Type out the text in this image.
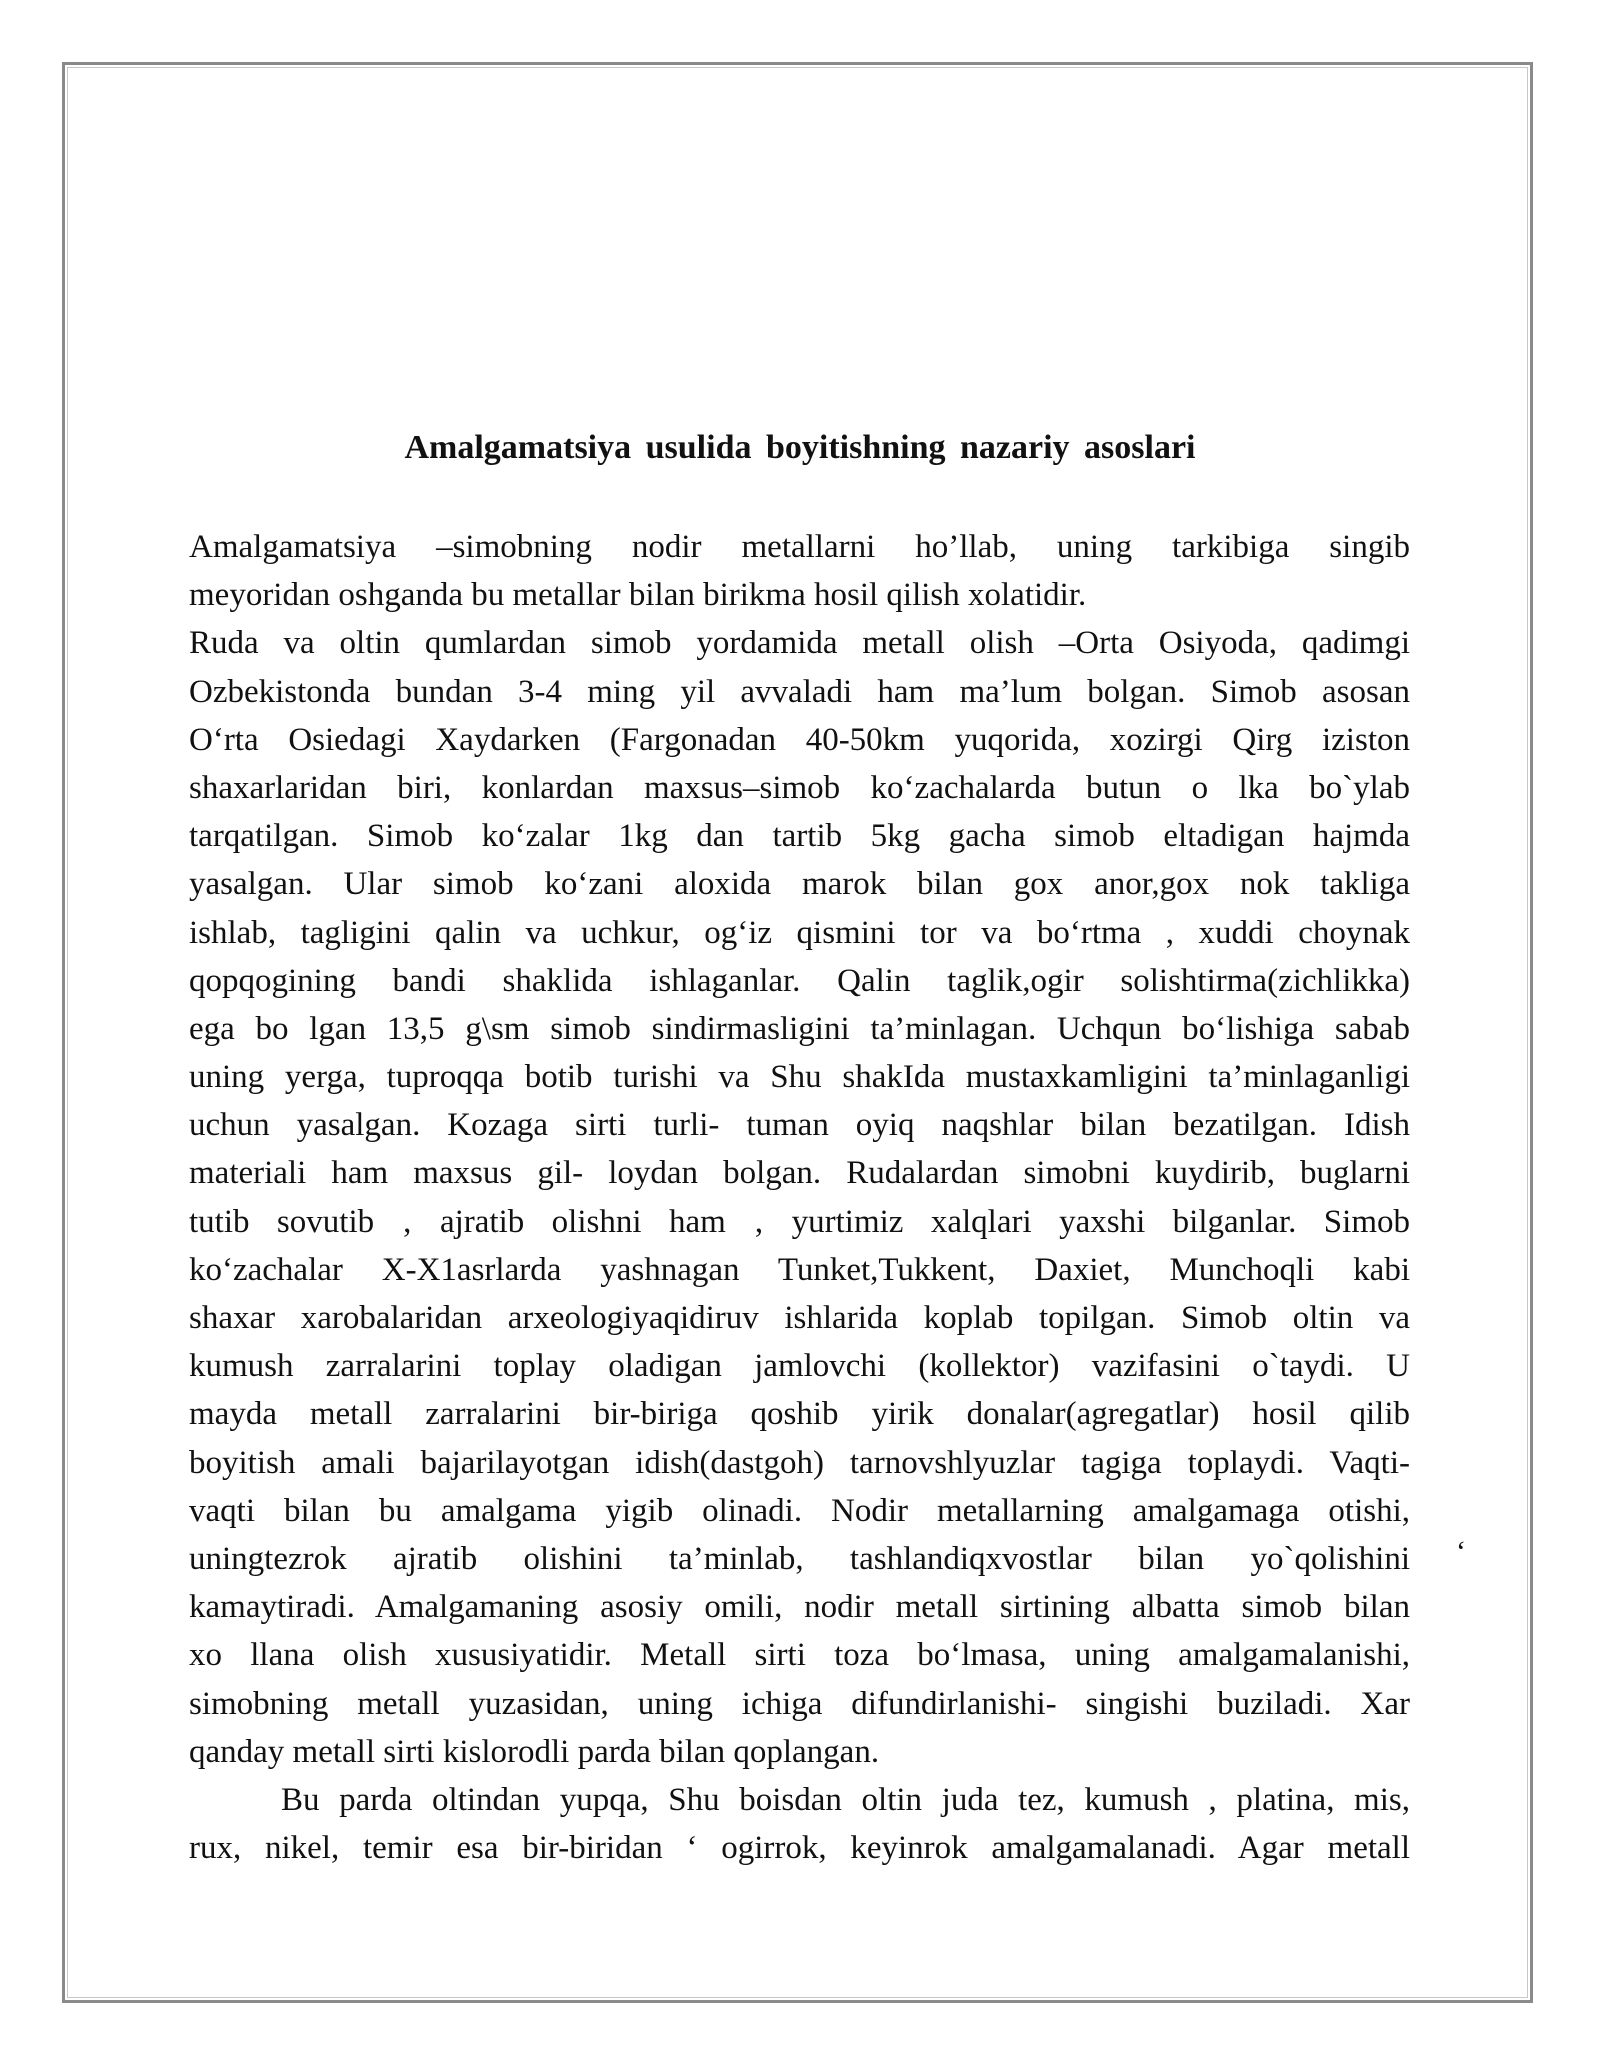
Amalgamatsiya usulida boyitishning nazariy asoslari
Amalgamatsiya –simobning nodir metallarni ho’llab, uning tarkibiga singib
meyoridan oshganda bu metallar bilan birikma hosil qilish xolatidir.
Ruda va oltin qumlardan simob yordamida metall olish –Orta Osiyoda, qadimgi
Ozbekistonda bundan 3-4 ming yil avvaladi ham ma’lum bolgan. Simob asosan
O‘rta Osiedagi Xaydarken (Fargonadan 40-50km yuqorida, xozirgi Qirg iziston
shaxarlaridan biri, konlardan maxsus–simob ko‘zachalarda butun o lka bo`ylab
tarqatilgan. Simob ko‘zalar 1kg dan tartib 5kg gacha simob eltadigan hajmda
yasalgan. Ular simob ko‘zani aloxida marok bilan gox anor,gox nok takliga
ishlab, tagligini qalin va uchkur, og‘iz qismini tor va bo‘rtma , xuddi choynak
qopqogining bandi shaklida ishlaganlar. Qalin taglik,ogir solishtirma(zichlikka)
ega bo lgan 13,5 g\sm simob sindirmasligini ta’minlagan. Uchqun bo‘lishiga sabab
uning yerga, tuproqqa botib turishi va Shu shakIda mustaxkamligini ta’minlaganligi
uchun yasalgan. Kozaga sirti turli- tuman oyiq naqshlar bilan bezatilgan. Idish
materiali ham maxsus gil- loydan bolgan. Rudalardan simobni kuydirib, buglarni
tutib sovutib ‚ ajratib olishni ham ‚ yurtimiz xalqlari yaxshi bilganlar. Simob
ko‘zachalar X-X1asrlarda yashnagan Tunket,Tukkent, Daxiet, Munchoqli kabi
shaxar xarobalaridan arxeologiyaqidiruv ishlarida koplab topilgan. Simob oltin va
kumush zarralarini toplay oladigan jamlovchi (kollektor) vazifasini o`taydi. U
mayda metall zarralarini bir-biriga qoshib yirik donalar(agregatlar) hosil qilib
boyitish amali bajarilayotgan idish(dastgoh) tarnovshlyuzlar tagiga toplaydi. Vaqti-
vaqti bilan bu amalgama yigib olinadi. Nodir metallarning amalgamaga otishi,
uningtezrok ajratib olishini ta’minlab, tashlandiqxvostlar bilan yo`qolishini
kamaytiradi. Amalgamaning asosiy omili, nodir metall sirtining albatta simob bilan
xo llana olish xususiyatidir. Metall sirti toza bo‘lmasa, uning amalgamalanishi,
simobning metall yuzasidan, uning ichiga difundirlanishi- singishi buziladi. Xar
qanday metall sirti kislorodli parda bilan qoplangan.
Bu parda oltindan yupqa, Shu boisdan oltin juda tez, kumush , platina, mis,
rux, nikel, temir esa bir-biridan ‘ ogirrok, keyinrok amalgamalanadi. Agar metall
‘
